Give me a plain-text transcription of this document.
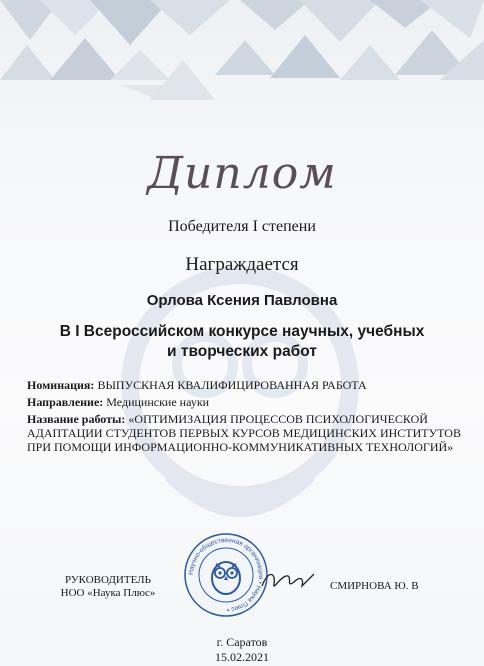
Диплом
Победителя I степени
Награждается
Орлова Ксения Павловна
В I Всероссийском конкурсе научных, учебных
и творческих работ
Номинация: ВЫПУСКНАЯ КВАЛИФИЦИРОВАННАЯ РАБОТА
Направление: Медицинские науки
Название работы: «ОПТИМИЗАЦИЯ ПРОЦЕССОВ ПСИХОЛОГИЧЕСКОЙ АДАПТАЦИИ СТУДЕНТОВ ПЕРВЫХ КУРСОВ МЕДИЦИНСКИХ ИНСТИТУТОВ ПРИ ПОМОЩИ ИНФОРМАЦИОННО-КОММУНИКАТИВНЫХ ТЕХНОЛОГИЙ»
РУКОВОДИТЕЛЬ
НОО «Наука Плюс»
Научно-общественная организация • Наука Плюс •
СМИРНОВА Ю. В
г. Саратов
15.02.2021
